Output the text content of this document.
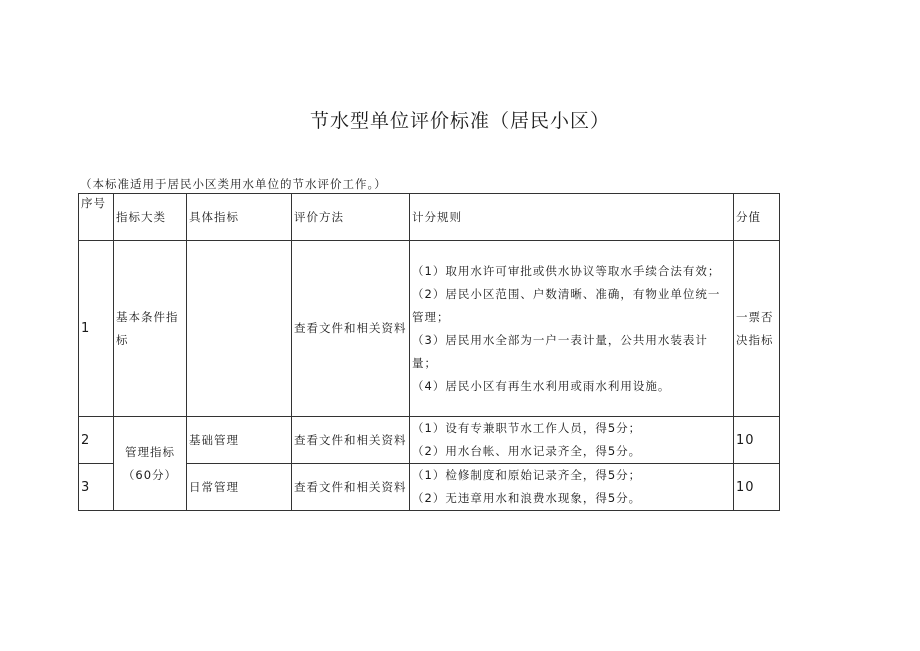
节水型单位评价标准（居民小区）
（本标准适用于居民小区类用水单位的节水评价工作。）
序号	指标大类	具体指标	评价方法	计分规则	分值
1	基本条件指标		查看文件和相关资料	（1）取用水许可审批或供水协议等取水手续合法有效；
（2）居民小区范围、户数清晰、准确，有物业单位统一管理；
（3）居民用水全部为一户一表计量，公共用水装表计量；
（4）居民小区有再生水利用或雨水利用设施。	一票否决指标
2	管理指标（60分）	基础管理	查看文件和相关资料	（1）设有专兼职节水工作人员，得5分；
（2）用水台帐、用水记录齐全，得5分。	10
3		日常管理	查看文件和相关资料	（1）检修制度和原始记录齐全，得5分；
（2）无违章用水和浪费水现象，得5分。	10
